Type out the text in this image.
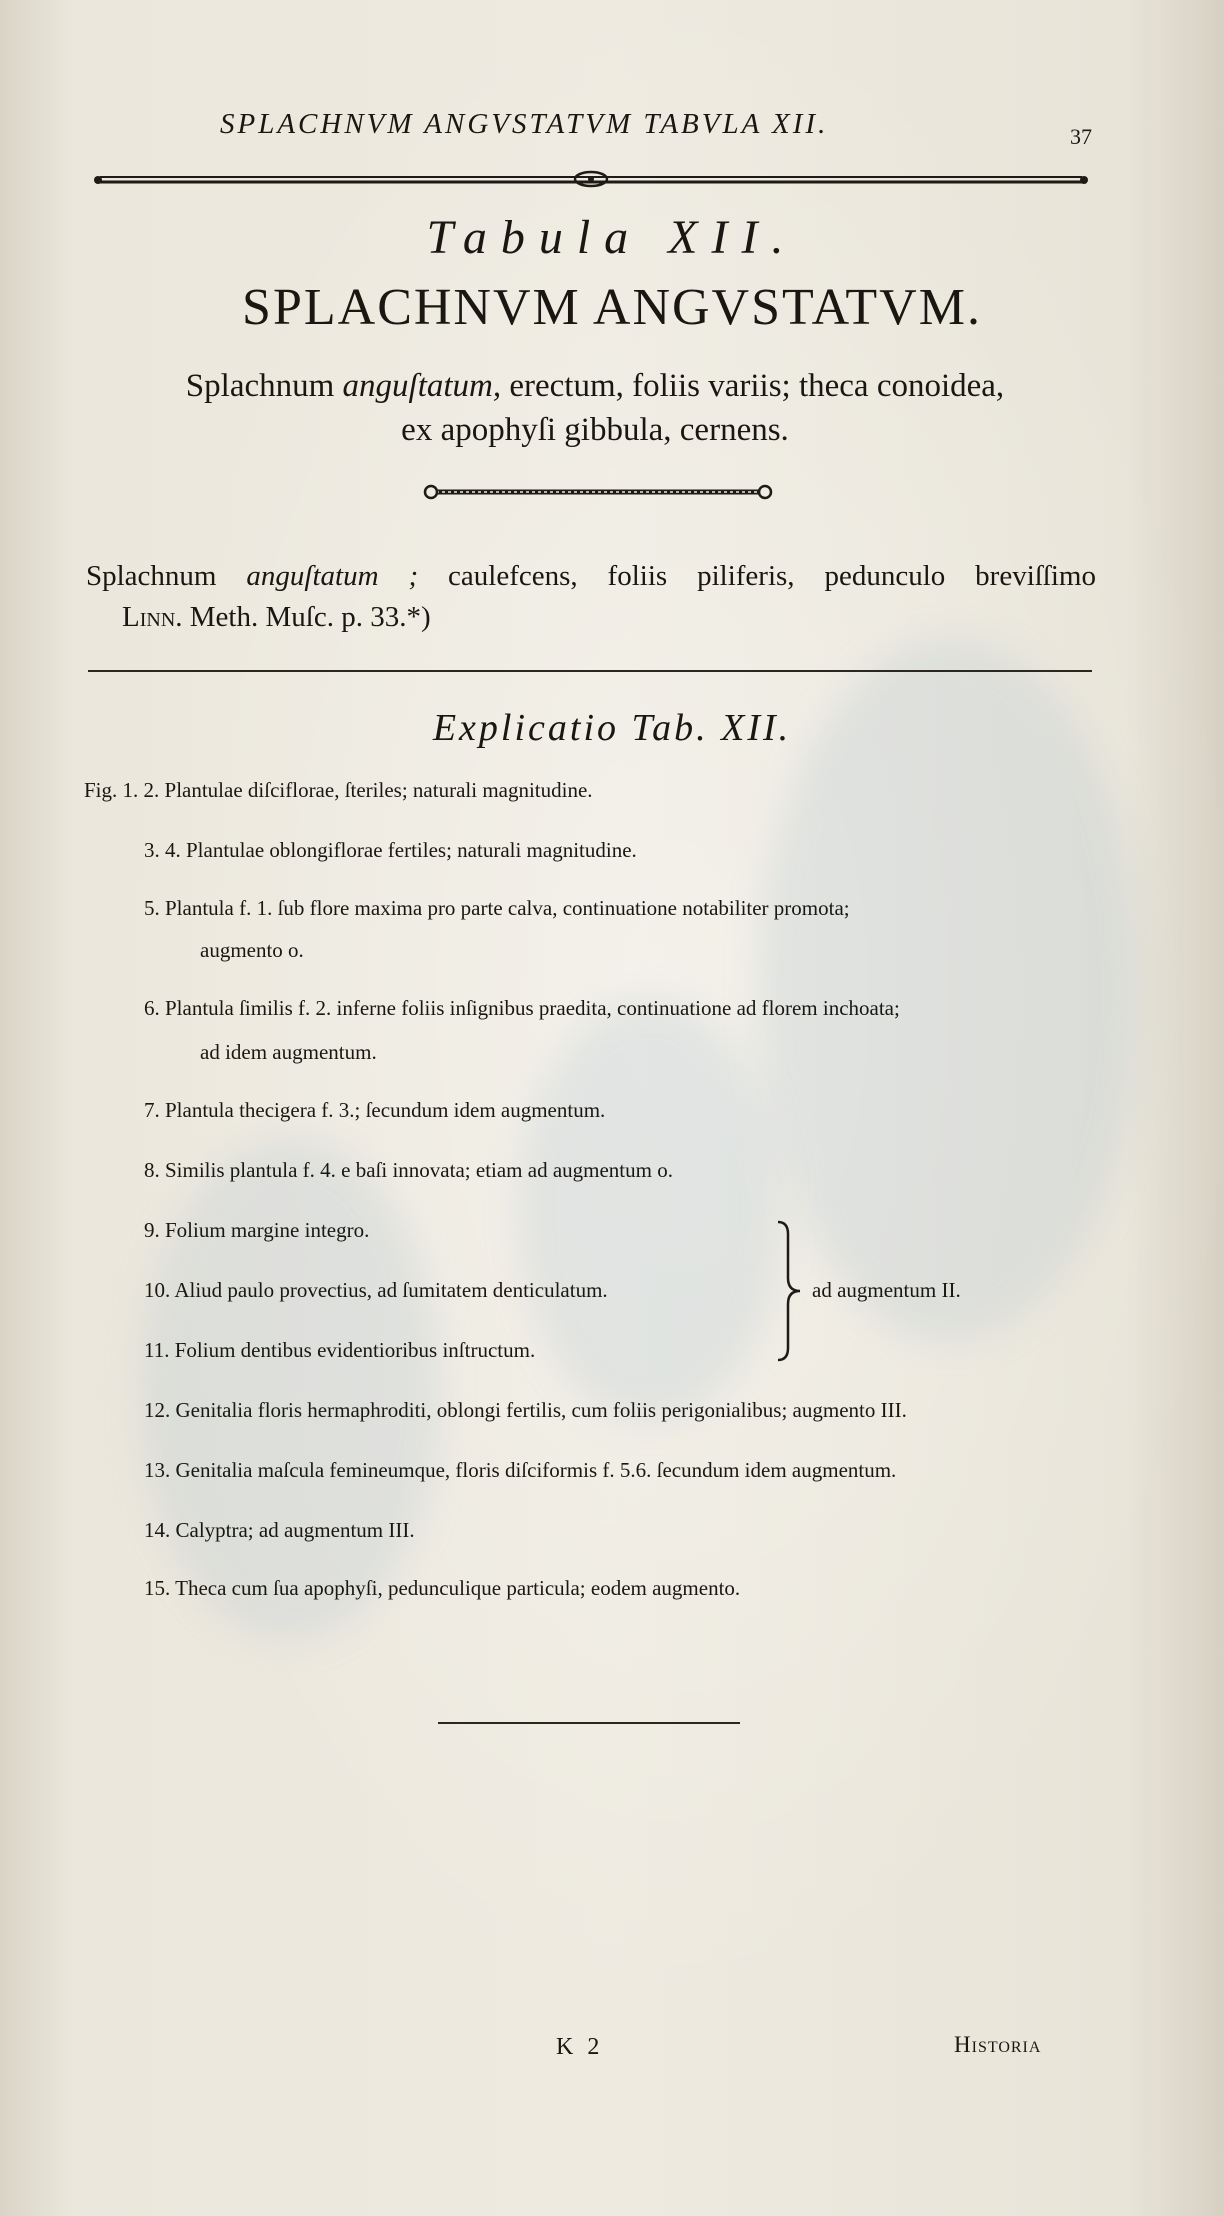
SPLACHNVM ANGVSTATVM TABVLA XII.	37
Tabula XII.
SPLACHNVM ANGVSTATVM.
Splachnum anguſtatum, erectum, foliis variis; theca conoidea,
ex apophyſi gibbula, cernens.
Splachnum anguſtatum ; caulefcens, foliis piliferis, pedunculo breviſſimo
Linn. Meth. Muſc. p. 33.*)
Explicatio Tab. XII.
Fig. 1. 2. Plantulae diſciflorae, ſteriles; naturali magnitudine.
3. 4. Plantulae oblongiflorae fertiles; naturali magnitudine.
5. Plantula f. 1. ſub flore maxima pro parte calva, continuatione notabiliter promota;
augmento o.
6. Plantula ſimilis f. 2. inferne foliis inſignibus praedita, continuatione ad florem inchoata;
ad idem augmentum.
7. Plantula thecigera f. 3.; ſecundum idem augmentum.
8. Similis plantula f. 4. e baſi innovata; etiam ad augmentum o.
9. Folium margine integro.
10. Aliud paulo provectius, ad ſumitatem denticulatum.
11. Folium dentibus evidentioribus inſtructum.
ad augmentum II.
12. Genitalia floris hermaphroditi, oblongi fertilis, cum foliis perigonialibus; augmento III.
13. Genitalia maſcula femineumque, floris diſciformis f. 5.6. ſecundum idem augmentum.
14. Calyptra; ad augmentum III.
15. Theca cum ſua apophyſi, pedunculique particula; eodem augmento.
K 2	Historia
